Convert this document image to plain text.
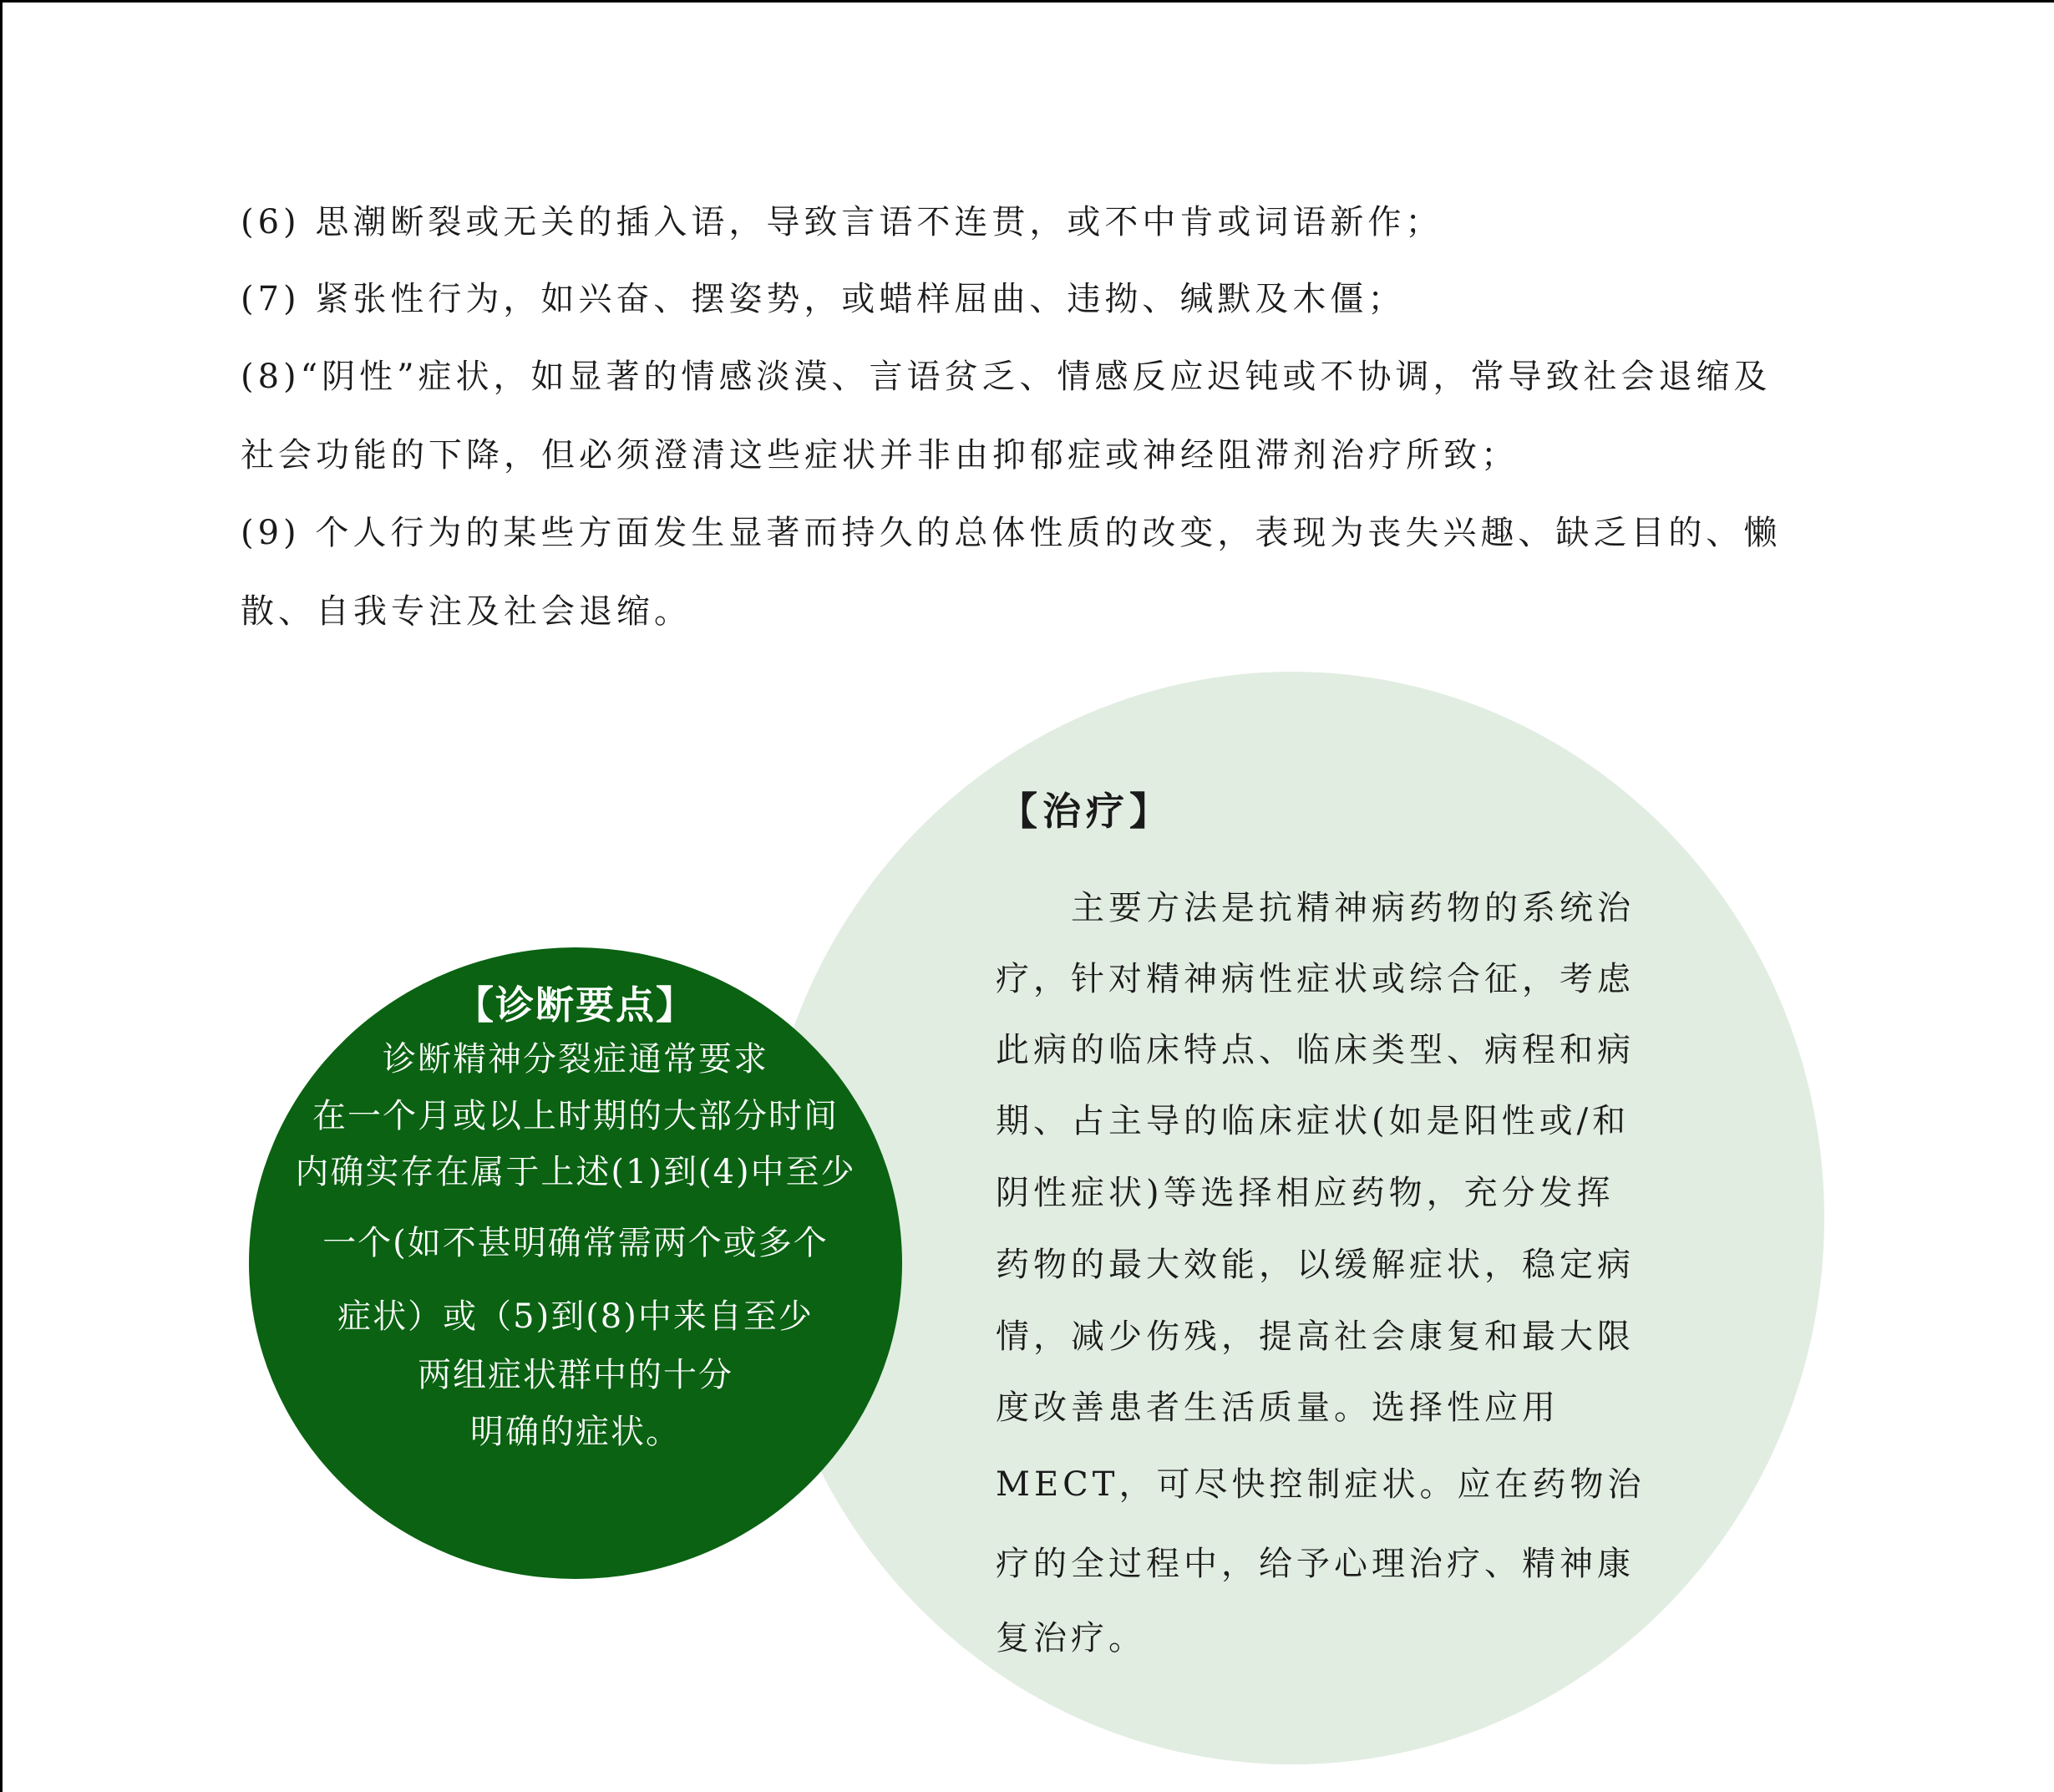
(6) 思潮断裂或无关的插入语，导致言语不连贯，或不中肯或词语新作；

(7) 紧张性行为，如兴奋、摆姿势，或蜡样屈曲、违拗、缄默及木僵；

(8)“阴性”症状，如显著的情感淡漠、言语贫乏、情感反应迟钝或不协调，常导致社会退缩及

社会功能的下降，但必须澄清这些症状并非由抑郁症或神经阻滞剂治疗所致；

(9) 个人行为的某些方面发生显著而持久的总体性质的改变，表现为丧失兴趣、缺乏目的、懒

散、自我专注及社会退缩。

【治疗】

　　主要方法是抗精神病药物的系统治

疗，针对精神病性症状或综合征，考虑

此病的临床特点、临床类型、病程和病

期、占主导的临床症状(如是阳性或/和

阴性症状)等选择相应药物，充分发挥

药物的最大效能，以缓解症状，稳定病

情，减少伤残，提高社会康复和最大限

度改善患者生活质量。选择性应用

MECT，可尽快控制症状。应在药物治

疗的全过程中，给予心理治疗、精神康

复治疗。

【诊断要点】

诊断精神分裂症通常要求

在一个月或以上时期的大部分时间

内确实存在属于上述(1)到(4)中至少

一个(如不甚明确常需两个或多个

症状）或（5)到(8)中来自至少

两组症状群中的十分

明确的症状。
